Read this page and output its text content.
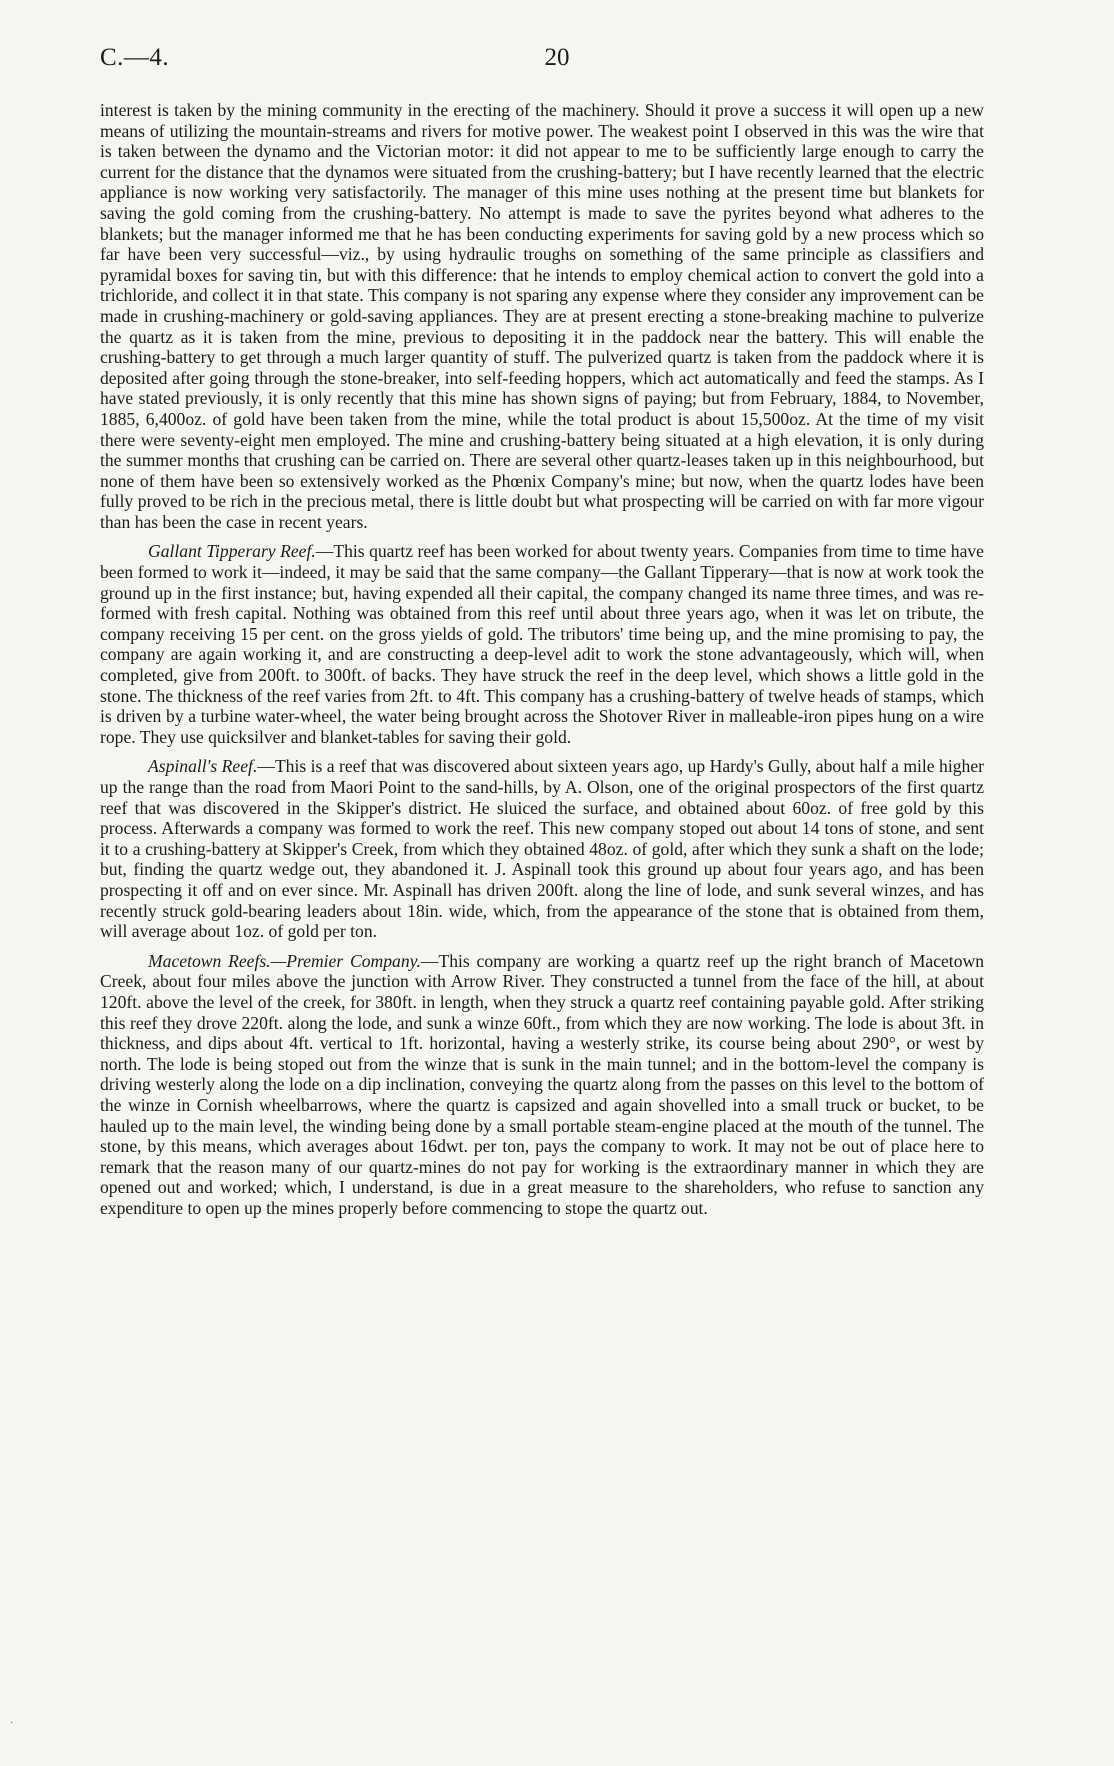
C.—4.	20

interest is taken by the mining community in the erecting of the machinery. Should it prove a success it will open up a new means of utilizing the mountain-streams and rivers for motive power. The weakest point I observed in this was the wire that is taken between the dynamo and the Victorian motor: it did not appear to me to be sufficiently large enough to carry the current for the distance that the dynamos were situated from the crushing-battery; but I have recently learned that the electric appliance is now working very satisfactorily. The manager of this mine uses nothing at the present time but blankets for saving the gold coming from the crushing-battery. No attempt is made to save the pyrites beyond what adheres to the blankets; but the manager informed me that he has been conducting experiments for saving gold by a new process which so far have been very successful—viz., by using hydraulic troughs on something of the same principle as classifiers and pyramidal boxes for saving tin, but with this difference: that he intends to employ chemical action to convert the gold into a trichloride, and collect it in that state. This company is not sparing any expense where they consider any improvement can be made in crushing-machinery or gold-saving appliances. They are at present erecting a stone-breaking machine to pulverize the quartz as it is taken from the mine, previous to depositing it in the paddock near the battery. This will enable the crushing-battery to get through a much larger quantity of stuff. The pulverized quartz is taken from the paddock where it is deposited after going through the stone-breaker, into self-feeding hoppers, which act automatically and feed the stamps. As I have stated previously, it is only recently that this mine has shown signs of paying; but from February, 1884, to November, 1885, 6,400oz. of gold have been taken from the mine, while the total product is about 15,500oz. At the time of my visit there were seventy-eight men employed. The mine and crushing-battery being situated at a high elevation, it is only during the summer months that crushing can be carried on. There are several other quartz-leases taken up in this neighbourhood, but none of them have been so extensively worked as the Phœnix Company's mine; but now, when the quartz lodes have been fully proved to be rich in the precious metal, there is little doubt but what prospecting will be carried on with far more vigour than has been the case in recent years.

Gallant Tipperary Reef.—This quartz reef has been worked for about twenty years. Companies from time to time have been formed to work it—indeed, it may be said that the same company—the Gallant Tipperary—that is now at work took the ground up in the first instance; but, having expended all their capital, the company changed its name three times, and was re-formed with fresh capital. Nothing was obtained from this reef until about three years ago, when it was let on tribute, the company receiving 15 per cent. on the gross yields of gold. The tributors' time being up, and the mine promising to pay, the company are again working it, and are constructing a deep-level adit to work the stone advantageously, which will, when completed, give from 200ft. to 300ft. of backs. They have struck the reef in the deep level, which shows a little gold in the stone. The thickness of the reef varies from 2ft. to 4ft. This company has a crushing-battery of twelve heads of stamps, which is driven by a turbine water-wheel, the water being brought across the Shotover River in malleable-iron pipes hung on a wire rope. They use quicksilver and blanket-tables for saving their gold.

Aspinall's Reef.—This is a reef that was discovered about sixteen years ago, up Hardy's Gully, about half a mile higher up the range than the road from Maori Point to the sand-hills, by A. Olson, one of the original prospectors of the first quartz reef that was discovered in the Skipper's district. He sluiced the surface, and obtained about 60oz. of free gold by this process. Afterwards a company was formed to work the reef. This new company stoped out about 14 tons of stone, and sent it to a crushing-battery at Skipper's Creek, from which they obtained 48oz. of gold, after which they sunk a shaft on the lode; but, finding the quartz wedge out, they abandoned it. J. Aspinall took this ground up about four years ago, and has been prospecting it off and on ever since. Mr. Aspinall has driven 200ft. along the line of lode, and sunk several winzes, and has recently struck gold-bearing leaders about 18in. wide, which, from the appearance of the stone that is obtained from them, will average about 1oz. of gold per ton.

Macetown Reefs.—Premier Company.—This company are working a quartz reef up the right branch of Macetown Creek, about four miles above the junction with Arrow River. They constructed a tunnel from the face of the hill, at about 120ft. above the level of the creek, for 380ft. in length, when they struck a quartz reef containing payable gold. After striking this reef they drove 220ft. along the lode, and sunk a winze 60ft., from which they are now working. The lode is about 3ft. in thickness, and dips about 4ft. vertical to 1ft. horizontal, having a westerly strike, its course being about 290°, or west by north. The lode is being stoped out from the winze that is sunk in the main tunnel; and in the bottom-level the company is driving westerly along the lode on a dip inclination, conveying the quartz along from the passes on this level to the bottom of the winze in Cornish wheelbarrows, where the quartz is capsized and again shovelled into a small truck or bucket, to be hauled up to the main level, the winding being done by a small portable steam-engine placed at the mouth of the tunnel. The stone, by this means, which averages about 16dwt. per ton, pays the company to work. It may not be out of place here to remark that the reason many of our quartz-mines do not pay for working is the extraordinary manner in which they are opened out and worked; which, I understand, is due in a great measure to the shareholders, who refuse to sanction any expenditure to open up the mines properly before commencing to stope the quartz out.

·
